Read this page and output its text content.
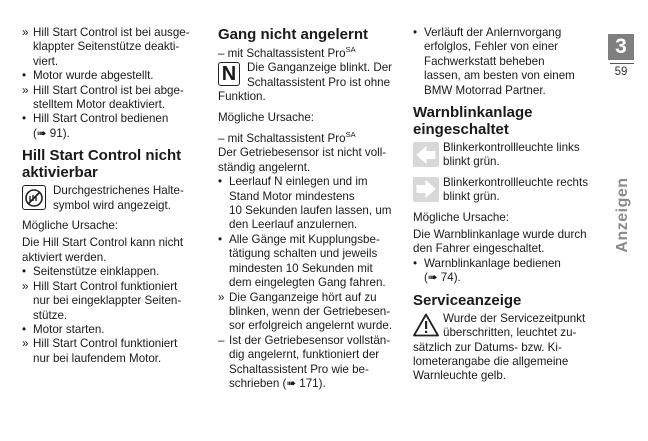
» Hill Start Control ist bei ausge-
klappter Seitenstütze deakti-
viert.
• Motor wurde abgestellt.
» Hill Start Control ist bei abge-
stelltem Motor deaktiviert.
• Hill Start Control bedienen
(➠ 91).
Hill Start Control nicht
aktivierbar
Durchgestrichenes Halte-
symbol wird angezeigt.
Mögliche Ursache:
Die Hill Start Control kann nicht
aktiviert werden.
• Seitenstütze einklappen.
» Hill Start Control funktioniert
nur bei eingeklappter Seiten-
stütze.
• Motor starten.
» Hill Start Control funktioniert
nur bei laufendem Motor.
Gang nicht angelernt
– mit Schaltassistent Pro$^{SA}$
N Die Ganganzeige blinkt. Der
Schaltassistent Pro ist ohne
Funktion.
Mögliche Ursache:
– mit Schaltassistent Pro$^{SA}$
Der Getriebesensor ist nicht voll-
ständig angelernt.
• Leerlauf N einlegen und im
Stand Motor mindestens
10 Sekunden laufen lassen, um
den Leerlauf anzulernen.
• Alle Gänge mit Kupplungsbe-
tätigung schalten und jeweils
mindesten 10 Sekunden mit
dem eingelegten Gang fahren.
» Die Ganganzeige hört auf zu
blinken, wenn der Getriebesen-
sor erfolgreich angelernt wurde.
– Ist der Getriebesensor vollstän-
dig angelernt, funktioniert der
Schaltassistent Pro wie be-
schrieben (➠ 171).
• Verläuft der Anlernvorgang
erfolglos, Fehler von einer
Fachwerkstatt beheben
lassen, am besten von einem
BMW Motorrad Partner.
Warnblinkanlage
eingeschaltet
Blinkerkontrollleuchte links
blinkt grün.
Blinkerkontrollleuchte rechts
blinkt grün.
Mögliche Ursache:
Die Warnblinkanlage wurde durch
den Fahrer eingeschaltet.
• Warnblinkanlage bedienen
(➠ 74).
Serviceanzeige
Wurde der Servicezeitpunkt
überschritten, leuchtet zu-
sätzlich zur Datums- bzw. Ki-
lometerangabe die allgemeine
Warnleuchte gelb.
3
59
Anzeigen
